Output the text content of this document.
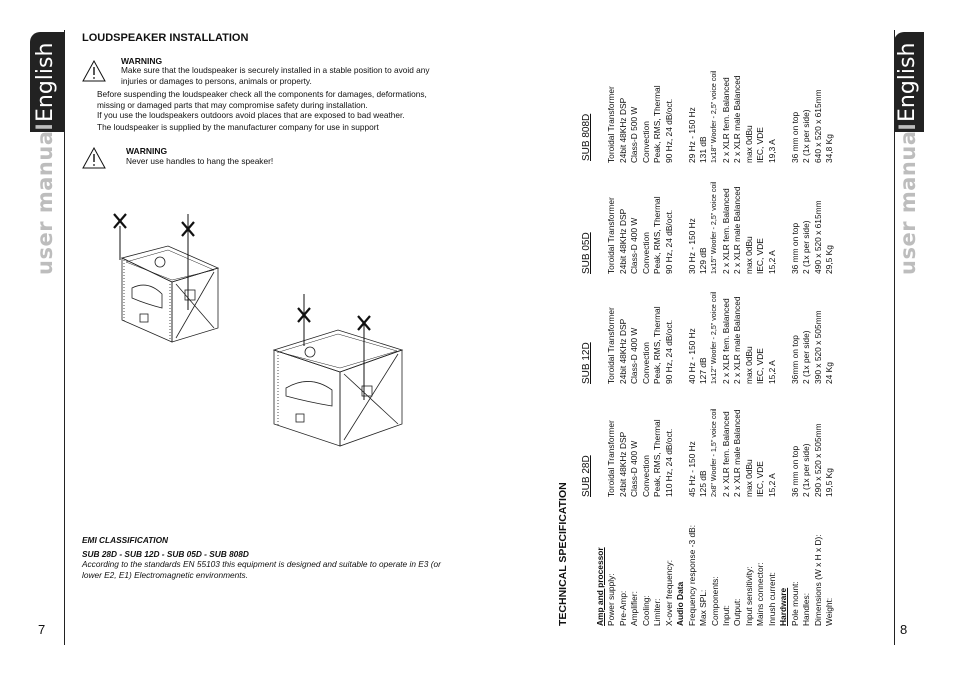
English
user manual
7
LOUDSPEAKER INSTALLATION
WARNING
Make sure that the loudspeaker is securely installed in a stable position to avoid any injuries or damages to persons, animals or property.
Before suspending the loudspeaker check all the components for damages, deformations, missing or damaged parts that may compromise safety during installation.
If you use the loudspeakers outdoors avoid places that are exposed to bad weather.
The loudspeaker is supplied by the manufacturer company for use in support
WARNING
Never use handles to hang the speaker!
EMI CLASSIFICATION
SUB 28D - SUB 12D - SUB 05D - SUB 808D
According to the standards EN 55103 this equipment is designed and suitable to operate in E3 (or lower E2, E1) Electromagnetic environments.
English
user manual
8
TECHNICAL SPECIFICATION	Amp and processor Power supply: Pre-Amp: Amplifier: Cooling: Limiter: X-over frequency: Audio Data Frequency response -3 dB: Max SPL: Components: Input: Output: Input sensitivity: Mains connector: Inrush current: Hardware Pole mount: Handles: Dimensions (W x H x D): Weight:
SUB 28D Toroidal Transformer 24bit 48KHz DSP Class-D 400 W Convection Peak, RMS, Thermal 110 Hz, 24 dB/oct. 45 Hz - 150 Hz 125 dB 2x8" Woofer - 1,5" voice coil 2 x XLR fem. Balanced 2 x XLR male Balanced max 0dBu IEC, VDE 15,2 A 36 mm on top 2 (1x per side) 290 x 520 x 505mm 19,5 Kg
SUB 12D Toroidal Transformer 24bit 48KHz DSP Class-D 400 W Convection Peak, RMS, Thermal 90 Hz, 24 dB/oct. 40 Hz - 150 Hz 127 dB 1x12" Woofer - 2,5" voice coil 2 x XLR fem. Balanced 2 x XLR male Balanced max 0dBu IEC, VDE 15,2 A 36mm on top 2 (1x per side) 390 x 520 x 505mm 24 Kg
SUB 05D Toroidal Transformer 24bit 48KHz DSP Class-D 400 W Convection Peak, RMS, Thermal 90 Hz, 24 dB/oct. 30 Hz - 150 Hz 129 dB 1x15" Woofer - 2,5" voice coil 2 x XLR fem. Balanced 2 x XLR male Balanced max 0dBu IEC, VDE 15,2 A 36 mm on top 2 (1x per side) 490 x 520 x 615mm 29,5 Kg
SUB 808D Toroidal Transformer 24bit 48KHz DSP Class-D 500 W Convection Peak, RMS, Thermal 90 Hz, 24 dB/oct. 29 Hz - 150 Hz 131 dB 1x18" Woofer - 2,5" voice coil 2 x XLR fem. Balanced 2 x XLR male Balanced max 0dBu IEC, VDE 19,3 A 36 mm on top 2 (1x per side) 640 x 520 x 615mm 34,8 Kg
